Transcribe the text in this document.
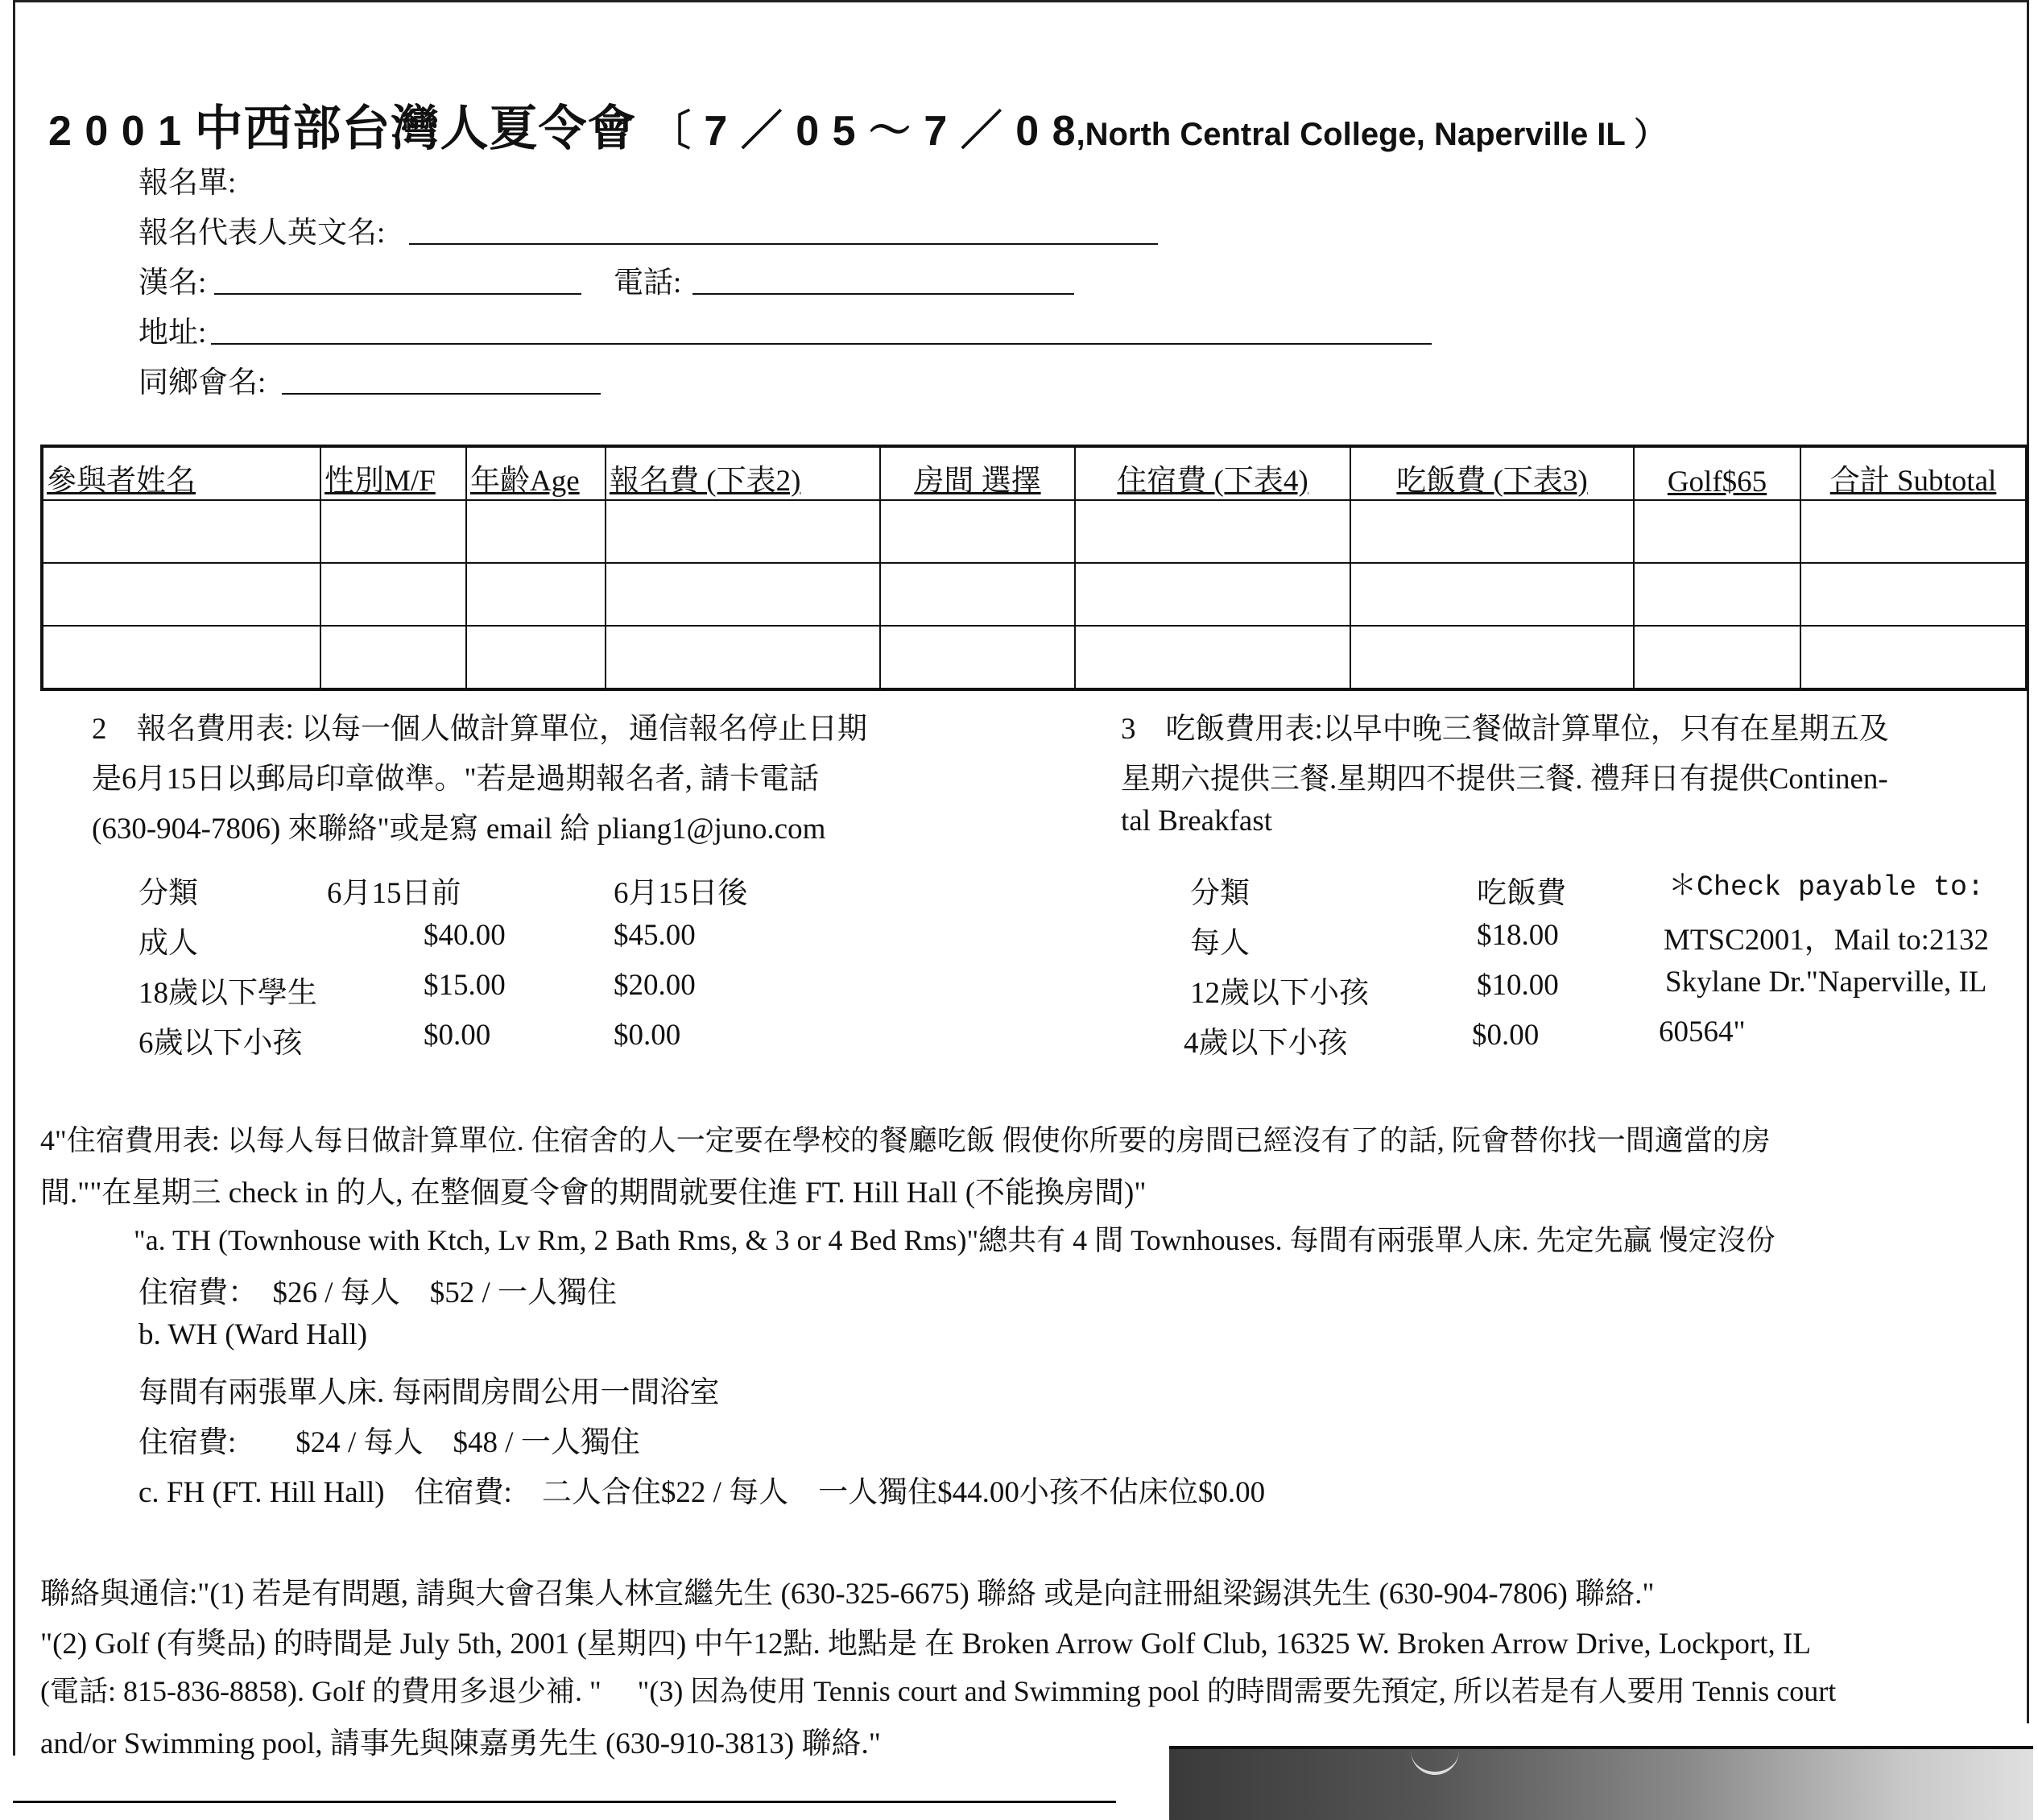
2 0 0 1 中西部台灣人夏令會 〔 7 ／ 0 5 ～ 7 ／ 0 8,North Central College, Naperville IL ）
報名單:
報名代表人英文名:
漢名:	電話:
地址:
同鄉會名:
參與者姓名	性別M/F	年齡Age	報名費 (下表2)	房間 選擇	住宿費 (下表4)	吃飯費 (下表3)	Golf$65	合計 Subtotal

2　報名費用表: 以每一個人做計算單位，通信報名停止日期
是6月15日以郵局印章做準。"若是過期報名者, 請卡電話
(630-904-7806) 來聯絡"或是寫 email 給 pliang1@juno.com
分類	6月15日前	6月15日後
成人	$40.00	$45.00
18歲以下學生	$15.00	$20.00
6歲以下小孩	$0.00	$0.00
3　吃飯費用表:以早中晚三餐做計算單位，只有在星期五及
星期六提供三餐.星期四不提供三餐. 禮拜日有提供Continen-
tal Breakfast
分類	吃飯費
每人	$18.00
12歲以下小孩	$10.00
4歲以下小孩	$0.00
＊Check payable to:
MTSC2001，Mail to:2132
Skylane Dr."Naperville, IL
60564"
4"住宿費用表: 以每人每日做計算單位. 住宿舍的人一定要在學校的餐廳吃飯 假使你所要的房間已經沒有了的話, 阮會替你找一間適當的房
間.""在星期三 check in 的人, 在整個夏令會的期間就要住進 FT. Hill Hall (不能換房間)"
"a. TH (Townhouse with Ktch, Lv Rm, 2 Bath Rms, & 3 or 4 Bed Rms)"總共有 4 間 Townhouses. 每間有兩張單人床. 先定先贏 慢定沒份
住宿費：　$26 / 每人　$52 / 一人獨住
b. WH (Ward Hall)
每間有兩張單人床. 每兩間房間公用一間浴室
住宿費:　　$24 / 每人　$48 / 一人獨住
c. FH (FT. Hill Hall)　住宿費:　二人合住$22 / 每人　一人獨住$44.00小孩不佔床位$0.00
聯絡與通信:"(1) 若是有問題, 請與大會召集人林宣繼先生 (630-325-6675) 聯絡 或是向註冊組梁錫淇先生 (630-904-7806) 聯絡."
"(2) Golf (有獎品) 的時間是 July 5th, 2001 (星期四) 中午12點. 地點是 在 Broken Arrow Golf Club, 16325 W. Broken Arrow Drive, Lockport, IL
(電話: 815-836-8858). Golf 的費用多退少補. "　 "(3) 因為使用 Tennis court and Swimming pool 的時間需要先預定, 所以若是有人要用 Tennis court
and/or Swimming pool, 請事先與陳嘉勇先生 (630-910-3813) 聯絡."
